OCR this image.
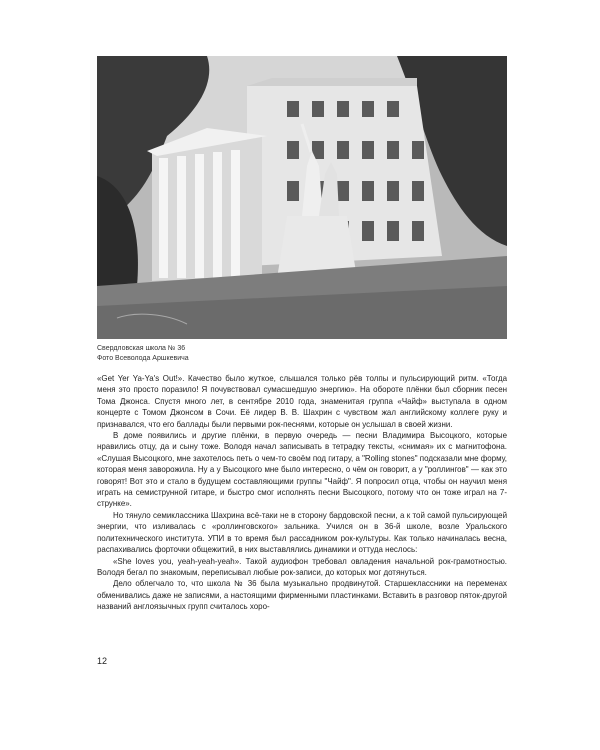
Свердловская школа № 36
Фото Всеволода Аршкевича

«Get Yer Ya-Ya's Out!». Качество было жуткое, слышался только рёв толпы и пульсирующий ритм. «Тогда меня это просто поразило! Я почувствовал сумасшедшую энергию». На обороте плёнки был сборник песен Тома Джонса. Спустя много лет, в сентябре 2010 года, знаменитая группа «Чайф» выступала в одном концерте с Томом Джонсом в Сочи. Её лидер В. В. Шахрин с чувством жал английскому коллеге руку и признавался, что его баллады были первыми рок-песнями, которые он услышал в своей жизни.

В доме появились и другие плёнки, в первую очередь — песни Владимира Высоцкого, которые нравились отцу, да и сыну тоже. Володя начал записывать в тетрадку тексты, «снимая» их с магнитофона. «Слушая Высоцкого, мне захотелось петь о чем-то своём под гитару, а "Rolling stones" подсказали мне форму, которая меня заворожила. Ну а у Высоцкого мне было интересно, о чём он говорит, а у "роллингов" — как это говорят! Вот это и стало в будущем составляющими группы "Чайф". Я попросил отца, чтобы он научил меня играть на семиструнной гитаре, и быстро смог исполнять песни Высоцкого, потому что он тоже играл на 7-струнке».

Но тянуло семиклассника Шахрина всё-таки не в сторону бардовской песни, а к той самой пульсирующей энергии, что изливалась с «роллинговского» зальника. Учился он в 36-й школе, возле Уральского политехнического института. УПИ в то время был рассадником рок-культуры. Как только начиналась весна, распахивались форточки общежитий, в них выставлялись динамики и оттуда неслось:

«She loves you, yeah-yeah-yeah». Такой аудиофон требовал овладения начальной рок-грамотностью. Володя бегал по знакомым, переписывал любые рок-записи, до которых мог дотянуться.

Дело облегчало то, что школа № 36 была музыкально продвинутой. Старшеклассники на переменах обменивались даже не записями, а настоящими фирменными пластинками. Вставить в разговор пяток-другой названий англоязычных групп считалось хоро-

12
